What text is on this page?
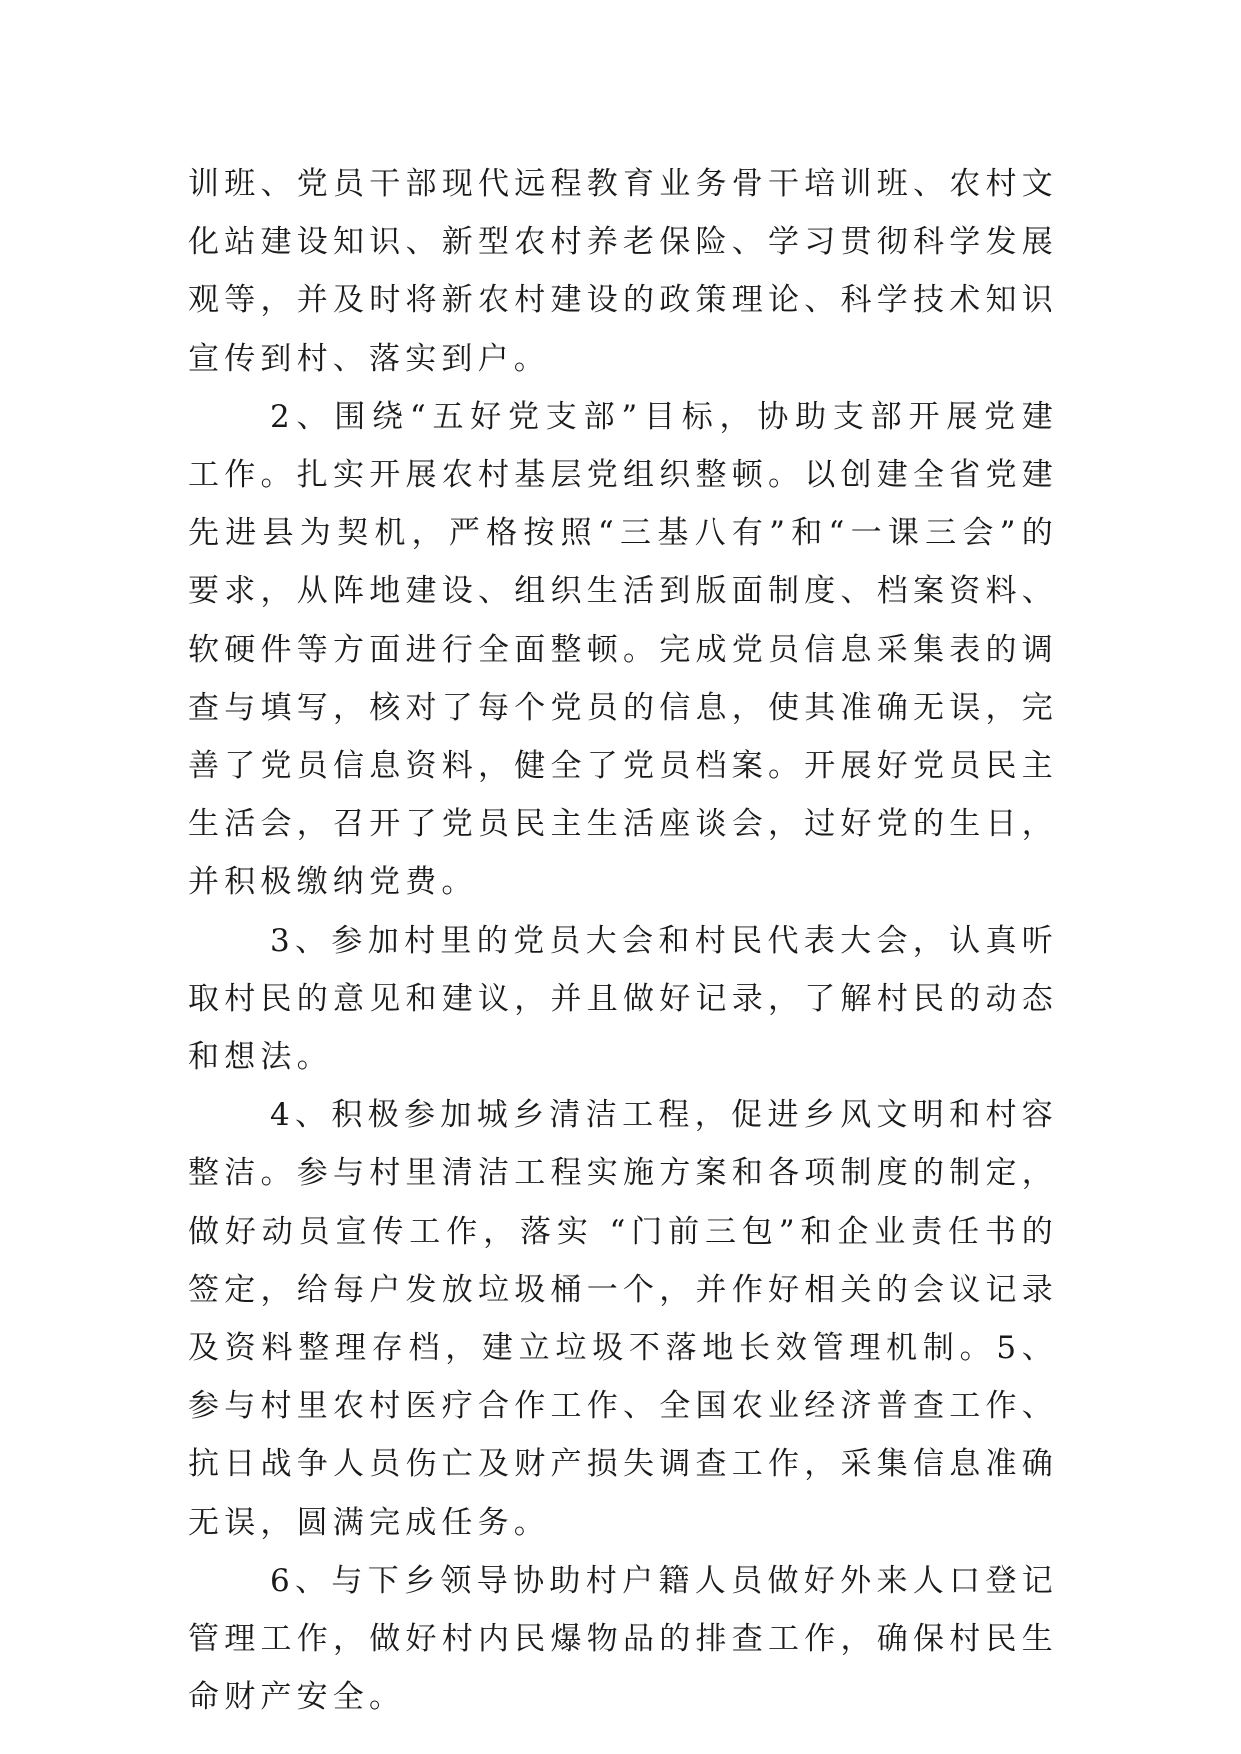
训班、党员干部现代远程教育业务骨干培训班、农村文化站建设知识、新型农村养老保险、学习贯彻科学发展观等，并及时将新农村建设的政策理论、科学技术知识宣传到村、落实到户。

2、围绕“五好党支部”目标，协助支部开展党建工作。扎实开展农村基层党组织整顿。以创建全省党建先进县为契机，严格按照“三基八有”和“一课三会”的要求，从阵地建设、组织生活到版面制度、档案资料、软硬件等方面进行全面整顿。完成党员信息采集表的调查与填写，核对了每个党员的信息，使其准确无误，完善了党员信息资料，健全了党员档案。开展好党员民主生活会，召开了党员民主生活座谈会，过好党的生日，并积极缴纳党费。

3、参加村里的党员大会和村民代表大会，认真听取村民的意见和建议，并且做好记录，了解村民的动态和想法。

4、积极参加城乡清洁工程，促进乡风文明和村容整洁。参与村里清洁工程实施方案和各项制度的制定，做好动员宣传工作，落实 “门前三包”和企业责任书的签定，给每户发放垃圾桶一个，并作好相关的会议记录及资料整理存档，建立垃圾不落地长效管理机制。5、参与村里农村医疗合作工作、全国农业经济普查工作、抗日战争人员伤亡及财产损失调查工作，采集信息准确无误，圆满完成任务。

6、与下乡领导协助村户籍人员做好外来人口登记管理工作，做好村内民爆物品的排查工作，确保村民生命财产安全。
